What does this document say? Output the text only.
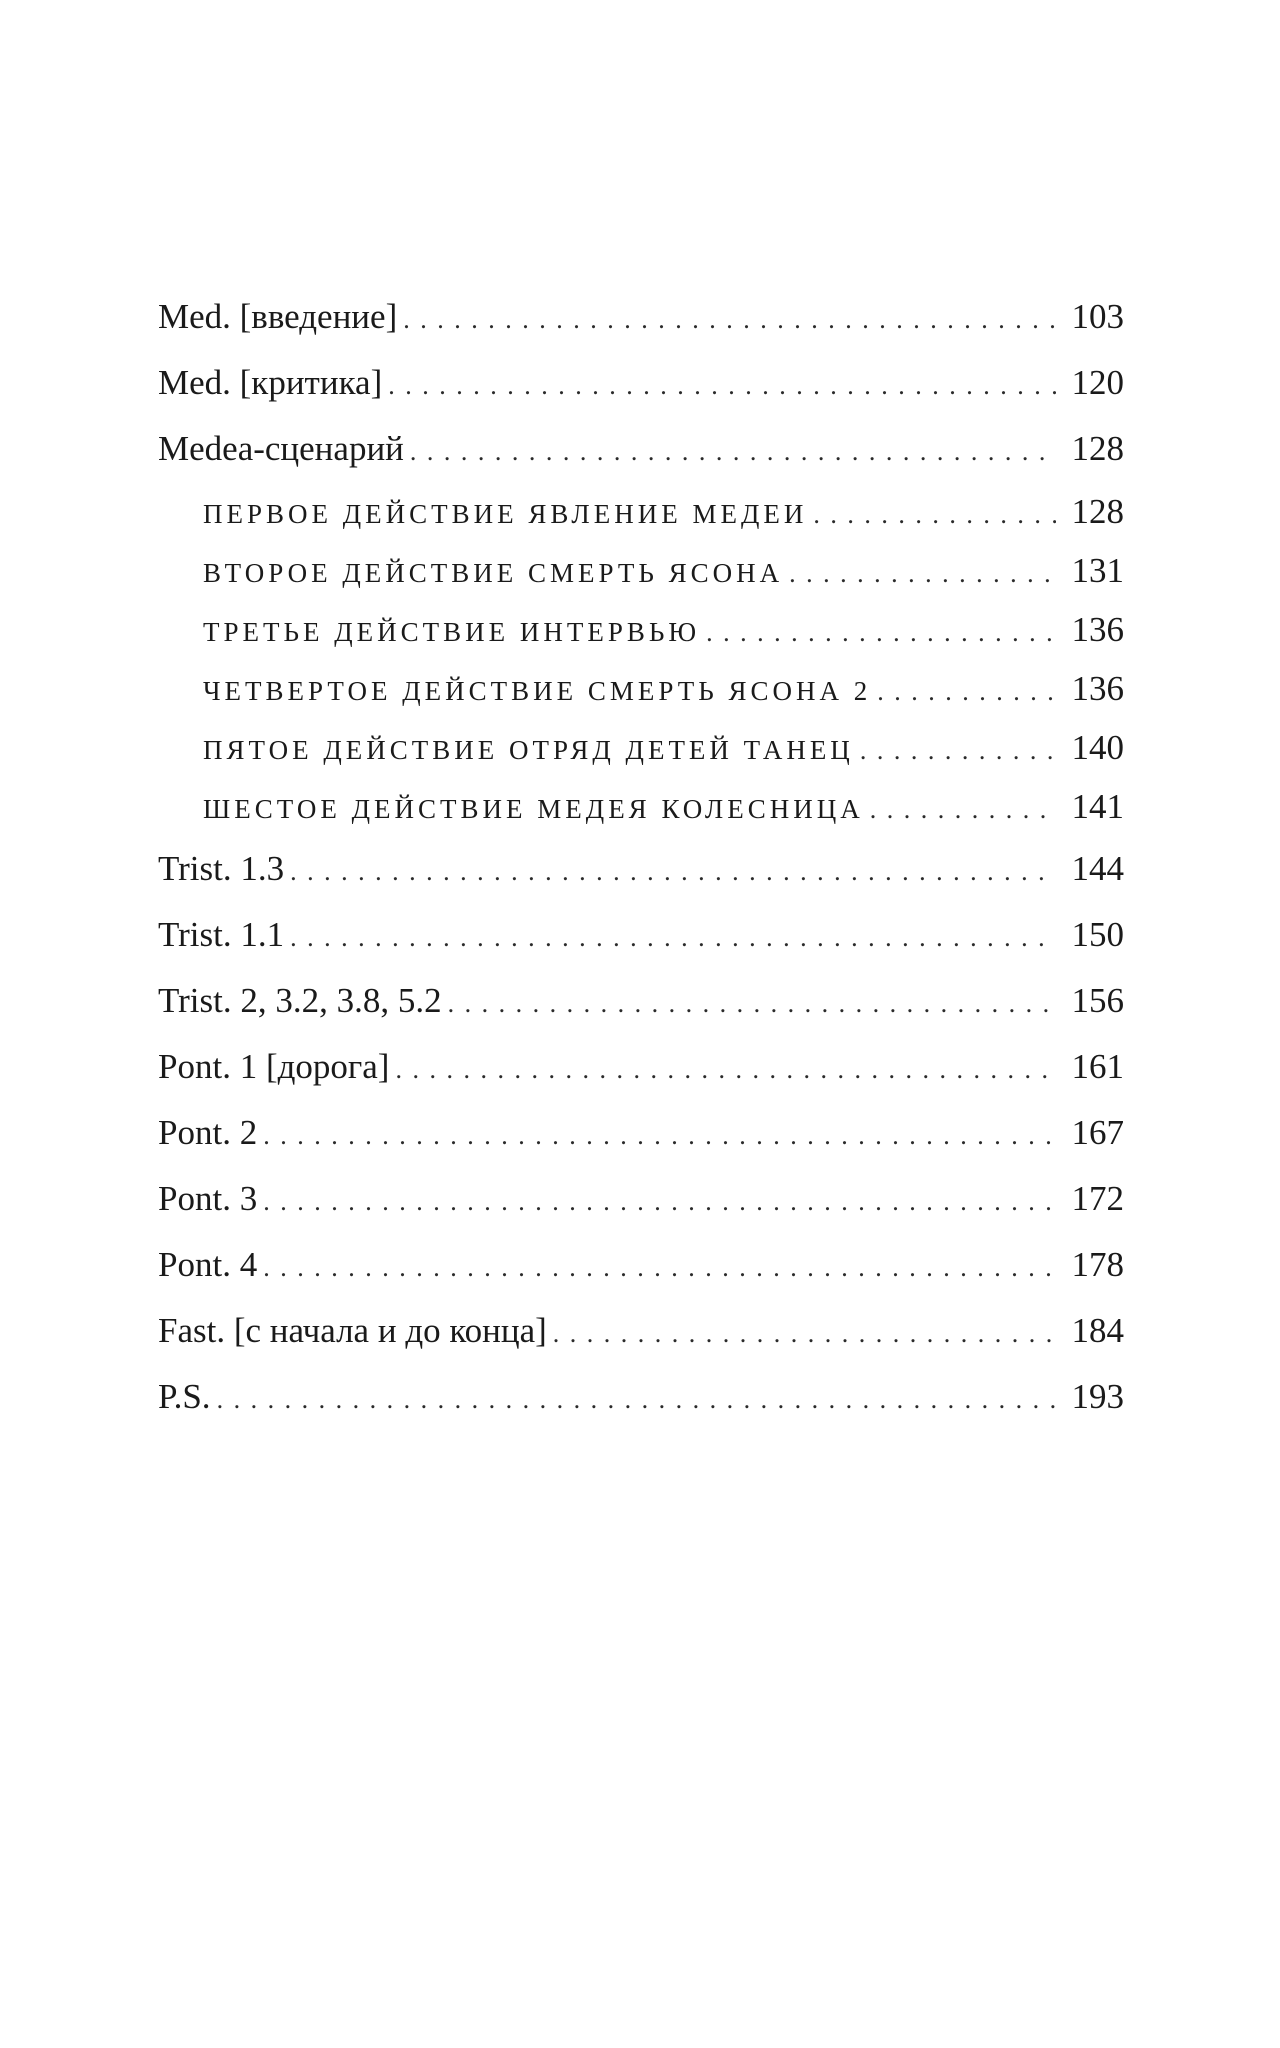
Med. [введение] . . .	103
Med. [критика] . . .	120
Medea-сценарий . . .	128
ПЕРВОЕ ДЕЙСТВИЕ ЯВЛЕНИЕ МЕДЕИ . . .	128
ВТОРОЕ ДЕЙСТВИЕ СМЕРТЬ ЯСОНА . . .	131
ТРЕТЬЕ ДЕЙСТВИЕ ИНТЕРВЬЮ . . .	136
ЧЕТВЕРТОЕ ДЕЙСТВИЕ СМЕРТЬ ЯСОНА 2 . . .	136
ПЯТОЕ ДЕЙСТВИЕ ОТРЯД ДЕТЕЙ ТАНЕЦ . . .	140
ШЕСТОЕ ДЕЙСТВИЕ МЕДЕЯ КОЛЕСНИЦА . . .	141
Trist. 1.3 . . .	144
Trist. 1.1 . . .	150
Trist. 2, 3.2, 3.8, 5.2 . . .	156
Pont. 1 [дорога] . . .	161
Pont. 2 . . .	167
Pont. 3 . . .	172
Pont. 4 . . .	178
Fast. [с начала и до конца] . . .	184
P.S. . . .	193
